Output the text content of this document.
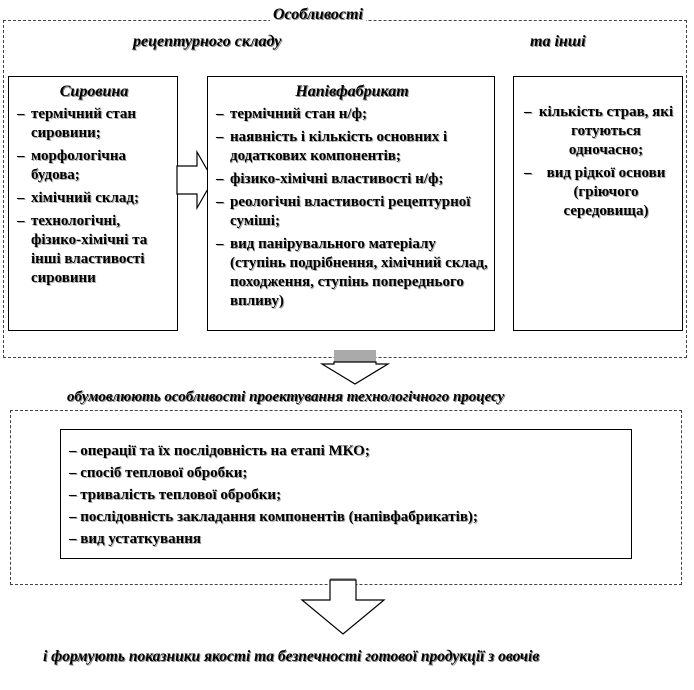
Особливості
рецептурного складу	та інші
Сировина
– термічний стан сировини;
– морфологічна будова;
– хімічний склад;
– технологічні, фізико-хімічні та інші властивості сировини
Напівфабрикат
– термічний стан н/ф;
– наявність і кількість основних і додаткових компонентів;
– фізико-хімічні властивості н/ф;
– реологічні властивості рецептурної суміші;
– вид панірувального матеріалу (ступінь подрібнення, хімічний склад, походження, ступінь попереднього впливу)
– кількість страв, які готуються одночасно;
– вид рідкої основи (гріючого середовища)
обумовлюють особливості проектування технологічного процесу
– операції та їх послідовність на етапі МКО;
– спосіб теплової обробки;
– тривалість теплової обробки;
– послідовність закладання компонентів (напівфабрикатів);
– вид устаткування
і формують показники якості та безпечності готової продукції з овочів
